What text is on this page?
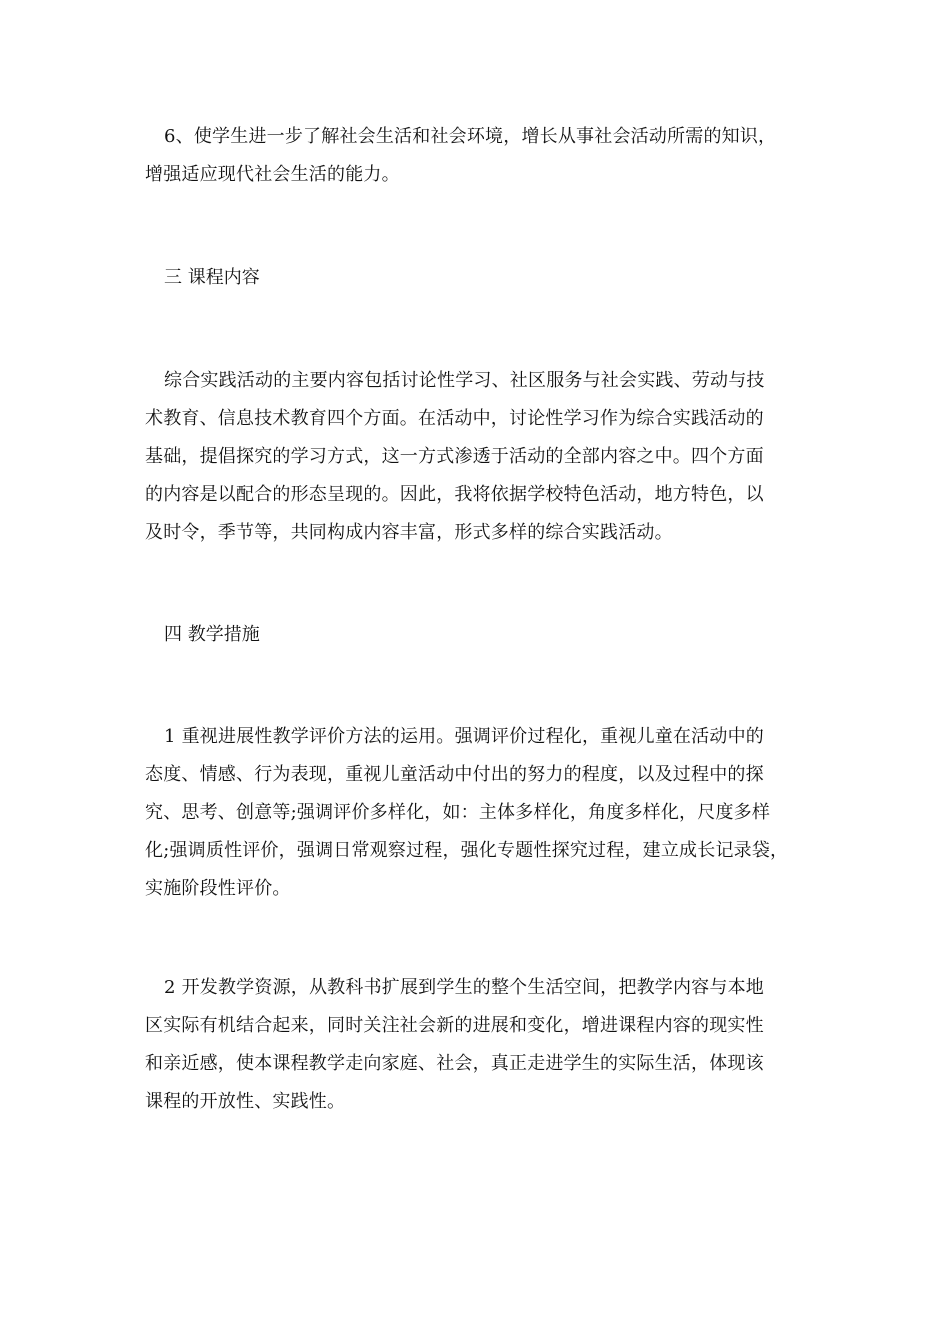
6、使学生进一步了解社会生活和社会环境，增长从事社会活动所需的知识，
增强适应现代社会生活的能力。

三 课程内容

综合实践活动的主要内容包括讨论性学习、社区服务与社会实践、劳动与技
术教育、信息技术教育四个方面。在活动中，讨论性学习作为综合实践活动的
基础，提倡探究的学习方式，这一方式渗透于活动的全部内容之中。四个方面
的内容是以配合的形态呈现的。因此，我将依据学校特色活动，地方特色，以
及时令，季节等，共同构成内容丰富，形式多样的综合实践活动。

四 教学措施

1 重视进展性教学评价方法的运用。强调评价过程化，重视儿童在活动中的
态度、情感、行为表现，重视儿童活动中付出的努力的程度，以及过程中的探
究、思考、创意等;强调评价多样化，如：主体多样化，角度多样化，尺度多样
化;强调质性评价，强调日常观察过程，强化专题性探究过程，建立成长记录袋，
实施阶段性评价。

2 开发教学资源，从教科书扩展到学生的整个生活空间，把教学内容与本地
区实际有机结合起来，同时关注社会新的进展和变化，增进课程内容的现实性
和亲近感，使本课程教学走向家庭、社会，真正走进学生的实际生活，体现该
课程的开放性、实践性。
